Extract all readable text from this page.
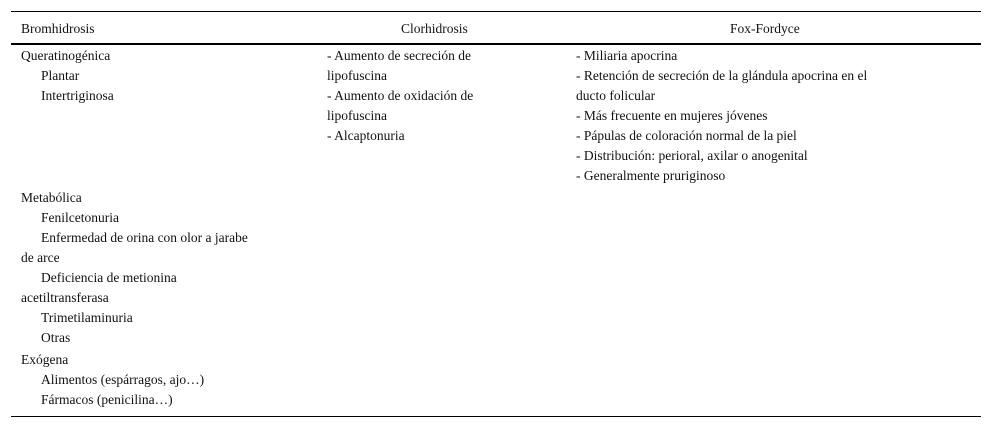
Bromhidrosis	Clorhidrosis	Fox-Fordyce
Queratinogénica
Plantar
Intertriginosa
Metabólica
Fenilcetonuria
Enfermedad de orina con olor a jarabe
de arce
Deficiencia de metionina
acetiltransferasa
Trimetilaminuria
Otras
Exógena
Alimentos (espárragos, ajo…)
Fármacos (penicilina…)
- Aumento de secreción de
lipofuscina
- Aumento de oxidación de
lipofuscina
- Alcaptonuria
- Miliaria apocrina
- Retención de secreción de la glándula apocrina en el
ducto folicular
- Más frecuente en mujeres jóvenes
- Pápulas de coloración normal de la piel
- Distribución: perioral, axilar o anogenital
- Generalmente pruriginoso
